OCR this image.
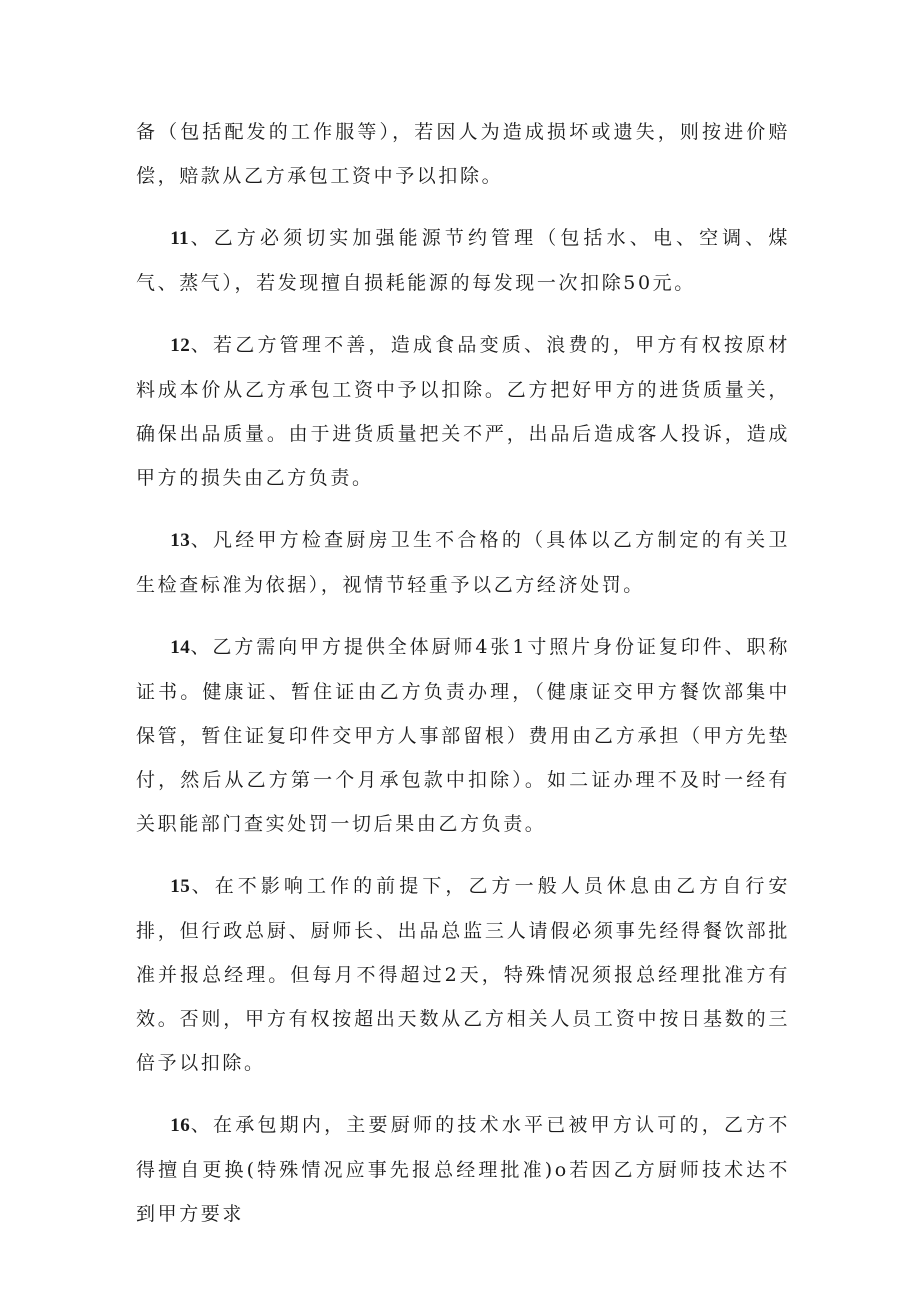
备（包括配发的工作服等），若因人为造成损坏或遗失，则按进价赔偿，赔款从乙方承包工资中予以扣除。

11、乙方必须切实加强能源节约管理（包括水、电、空调、煤气、蒸气），若发现擅自损耗能源的每发现一次扣除50元。

12、若乙方管理不善，造成食品变质、浪费的，甲方有权按原材料成本价从乙方承包工资中予以扣除。乙方把好甲方的进货质量关，确保出品质量。由于进货质量把关不严，出品后造成客人投诉，造成甲方的损失由乙方负责。

13、凡经甲方检查厨房卫生不合格的（具体以乙方制定的有关卫生检查标准为依据），视情节轻重予以乙方经济处罚。

14、乙方需向甲方提供全体厨师4张1寸照片身份证复印件、职称证书。健康证、暂住证由乙方负责办理，（健康证交甲方餐饮部集中保管，暂住证复印件交甲方人事部留根）费用由乙方承担（甲方先垫付，然后从乙方第一个月承包款中扣除）。如二证办理不及时一经有关职能部门查实处罚一切后果由乙方负责。

15、在不影响工作的前提下，乙方一般人员休息由乙方自行安排，但行政总厨、厨师长、出品总监三人请假必须事先经得餐饮部批准并报总经理。但每月不得超过2天，特殊情况须报总经理批准方有效。否则，甲方有权按超出天数从乙方相关人员工资中按日基数的三倍予以扣除。

16、在承包期内，主要厨师的技术水平已被甲方认可的，乙方不得擅自更换(特殊情况应事先报总经理批准)o若因乙方厨师技术达不到甲方要求
